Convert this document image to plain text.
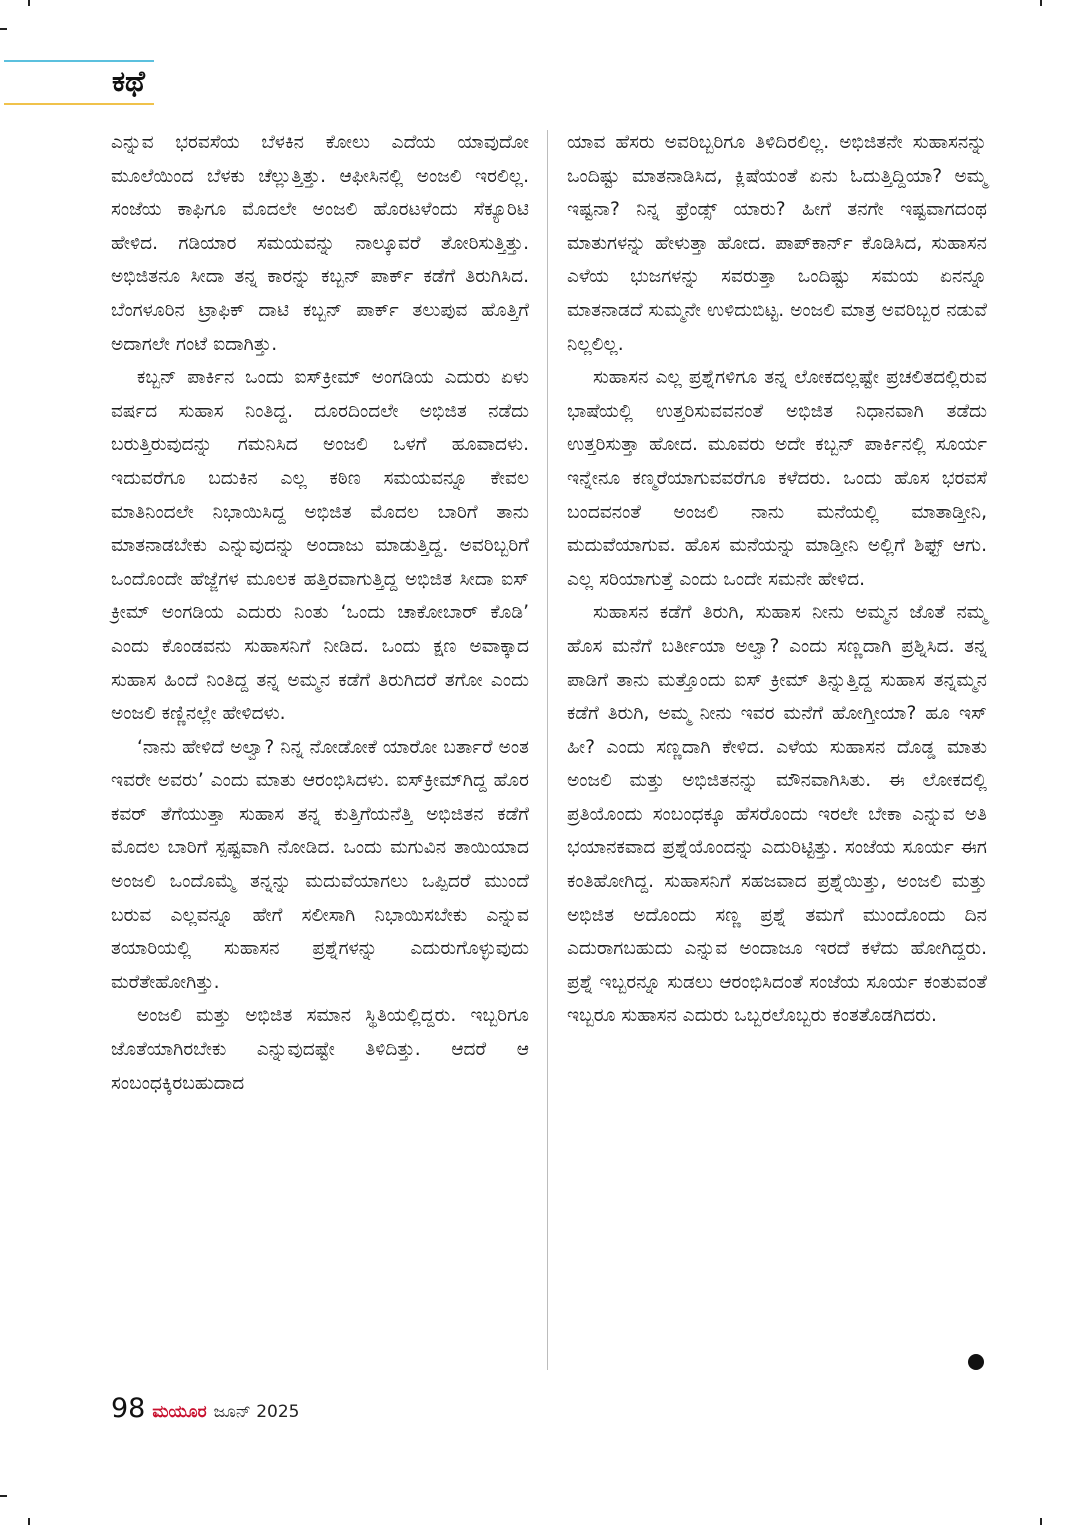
ಕಥೆ

ಎನ್ನುವ ಭರವಸೆಯ ಬೆಳಕಿನ ಕೋಲು ಎದೆಯ ಯಾವುದೋ ಮೂಲೆಯಿಂದ ಬೆಳಕು ಚೆಲ್ಲುತ್ತಿತ್ತು. ಆಫೀಸಿನಲ್ಲಿ ಅಂಜಲಿ ಇರಲಿಲ್ಲ. ಸಂಜೆಯ ಕಾಫಿಗೂ ಮೊದಲೇ ಅಂಜಲಿ ಹೊರಟಳೆಂದು ಸೆಕ್ಯೂರಿಟಿ ಹೇಳಿದ. ಗಡಿಯಾರ ಸಮಯವನ್ನು ನಾಲ್ಕೂವರೆ ತೋರಿಸುತ್ತಿತ್ತು. ಅಭಿಜಿತನೂ ಸೀದಾ ತನ್ನ ಕಾರನ್ನು ಕಬ್ಬನ್ ಪಾರ್ಕ್ ಕಡೆಗೆ ತಿರುಗಿಸಿದ. ಬೆಂಗಳೂರಿನ ಟ್ರಾಫಿಕ್ ದಾಟಿ ಕಬ್ಬನ್ ಪಾರ್ಕ್ ತಲುಪುವ ಹೊತ್ತಿಗೆ ಅದಾಗಲೇ ಗಂಟೆ ಐದಾಗಿತ್ತು.

ಕಬ್ಬನ್ ಪಾರ್ಕಿನ ಒಂದು ಐಸ್‌ಕ್ರೀಮ್ ಅಂಗಡಿಯ ಎದುರು ಏಳು ವರ್ಷದ ಸುಹಾಸ ನಿಂತಿದ್ದ. ದೂರದಿಂದಲೇ ಅಭಿಜಿತ ನಡೆದು ಬರುತ್ತಿರುವುದನ್ನು ಗಮನಿಸಿದ ಅಂಜಲಿ ಒಳಗೆ ಹೂವಾದಳು. ಇದುವರೆಗೂ ಬದುಕಿನ ಎಲ್ಲ ಕಠಿಣ ಸಮಯವನ್ನೂ ಕೇವಲ ಮಾತಿನಿಂದಲೇ ನಿಭಾಯಿಸಿದ್ದ ಅಭಿಜಿತ ಮೊದಲ ಬಾರಿಗೆ ತಾನು ಮಾತನಾಡಬೇಕು ಎನ್ನುವುದನ್ನು ಅಂದಾಜು ಮಾಡುತ್ತಿದ್ದ. ಅವರಿಬ್ಬರಿಗೆ ಒಂದೊಂದೇ ಹೆಜ್ಜೆಗಳ ಮೂಲಕ ಹತ್ತಿರವಾಗುತ್ತಿದ್ದ ಅಭಿಜಿತ ಸೀದಾ ಐಸ್ ಕ್ರೀಮ್ ಅಂಗಡಿಯ ಎದುರು ನಿಂತು ‘ಒಂದು ಚಾಕೋಬಾರ್ ಕೊಡಿ’ ಎಂದು ಕೊಂಡವನು ಸುಹಾಸನಿಗೆ ನೀಡಿದ. ಒಂದು ಕ್ಷಣ ಅವಾಕ್ಕಾದ ಸುಹಾಸ ಹಿಂದೆ ನಿಂತಿದ್ದ ತನ್ನ ಅಮ್ಮನ ಕಡೆಗೆ ತಿರುಗಿದರೆ ತಗೋ ಎಂದು ಅಂಜಲಿ ಕಣ್ಣಿನಲ್ಲೇ ಹೇಳಿದಳು.

‘ನಾನು ಹೇಳಿದೆ ಅಲ್ವಾ? ನಿನ್ನ ನೋಡೋಕೆ ಯಾರೋ ಬರ್ತಾರೆ ಅಂತ ಇವರೇ ಅವರು’ ಎಂದು ಮಾತು ಆರಂಭಿಸಿದಳು. ಐಸ್‌ಕ್ರೀಮ್‌ಗಿದ್ದ ಹೊರ ಕವರ್ ತೆಗೆಯುತ್ತಾ ಸುಹಾಸ ತನ್ನ ಕುತ್ತಿಗೆಯನೆತ್ತಿ ಅಭಿಜಿತನ ಕಡೆಗೆ ಮೊದಲ ಬಾರಿಗೆ ಸ್ಪಷ್ಟವಾಗಿ ನೋಡಿದ. ಒಂದು ಮಗುವಿನ ತಾಯಿಯಾದ ಅಂಜಲಿ ಒಂದೊಮ್ಮೆ ತನ್ನನ್ನು ಮದುವೆಯಾಗಲು ಒಪ್ಪಿದರೆ ಮುಂದೆ ಬರುವ ಎಲ್ಲವನ್ನೂ ಹೇಗೆ ಸಲೀಸಾಗಿ ನಿಭಾಯಿಸಬೇಕು ಎನ್ನುವ ತಯಾರಿಯಲ್ಲಿ ಸುಹಾಸನ ಪ್ರಶ್ನೆಗಳನ್ನು ಎದುರುಗೊಳ್ಳುವುದು ಮರೆತೇಹೋಗಿತ್ತು.

ಅಂಜಲಿ ಮತ್ತು ಅಭಿಜಿತ ಸಮಾನ ಸ್ಥಿತಿಯಲ್ಲಿದ್ದರು. ಇಬ್ಬರಿಗೂ ಜೊತೆಯಾಗಿರಬೇಕು ಎನ್ನುವುದಷ್ಟೇ ತಿಳಿದಿತ್ತು. ಆದರೆ ಆ ಸಂಬಂಧಕ್ಕಿರಬಹುದಾದ

ಯಾವ ಹೆಸರು ಅವರಿಬ್ಬರಿಗೂ ತಿಳಿದಿರಲಿಲ್ಲ. ಅಭಿಜಿತನೇ ಸುಹಾಸನನ್ನು ಒಂದಿಷ್ಟು ಮಾತನಾಡಿಸಿದ, ಕ್ಲಿಷೆಯಂತೆ ಏನು ಓದುತ್ತಿದ್ದಿಯಾ? ಅಮ್ಮ ಇಷ್ಟನಾ? ನಿನ್ನ ಫ್ರೆಂಡ್ಸ್ ಯಾರು? ಹೀಗೆ ತನಗೇ ಇಷ್ಟವಾಗದಂಥ ಮಾತುಗಳನ್ನು ಹೇಳುತ್ತಾ ಹೋದ. ಪಾಪ್‌ಕಾರ್ನ್ ಕೊಡಿಸಿದ, ಸುಹಾಸನ ಎಳೆಯ ಭುಜಗಳನ್ನು ಸವರುತ್ತಾ ಒಂದಿಷ್ಟು ಸಮಯ ಏನನ್ನೂ ಮಾತನಾಡದೆ ಸುಮ್ಮನೇ ಉಳಿದುಬಿಟ್ಟ. ಅಂಜಲಿ ಮಾತ್ರ ಅವರಿಬ್ಬರ ನಡುವೆ ನಿಲ್ಲಲಿಲ್ಲ.

ಸುಹಾಸನ ಎಲ್ಲ ಪ್ರಶ್ನೆಗಳಿಗೂ ತನ್ನ ಲೋಕದಲ್ಲಷ್ಟೇ ಪ್ರಚಲಿತದಲ್ಲಿರುವ ಭಾಷೆಯಲ್ಲಿ ಉತ್ತರಿಸುವವನಂತೆ ಅಭಿಜಿತ ನಿಧಾನವಾಗಿ ತಡೆದು ಉತ್ತರಿಸುತ್ತಾ ಹೋದ. ಮೂವರು ಅದೇ ಕಬ್ಬನ್ ಪಾರ್ಕಿನಲ್ಲಿ ಸೂರ್ಯ ಇನ್ನೇನೂ ಕಣ್ಮರೆಯಾಗುವವರೆಗೂ ಕಳೆದರು. ಒಂದು ಹೊಸ ಭರವಸೆ ಬಂದವನಂತೆ ಅಂಜಲಿ ನಾನು ಮನೆಯಲ್ಲಿ ಮಾತಾಡ್ತೀನಿ, ಮದುವೆಯಾಗುವ. ಹೊಸ ಮನೆಯನ್ನು ಮಾಡ್ತೀನಿ ಅಲ್ಲಿಗೆ ಶಿಫ್ಟ್ ಆಗು. ಎಲ್ಲ ಸರಿಯಾಗುತ್ತೆ ಎಂದು ಒಂದೇ ಸಮನೇ ಹೇಳಿದ.

ಸುಹಾಸನ ಕಡೆಗೆ ತಿರುಗಿ, ಸುಹಾಸ ನೀನು ಅಮ್ಮನ ಜೊತೆ ನಮ್ಮ ಹೊಸ ಮನೆಗೆ ಬರ್ತೀಯಾ ಅಲ್ವಾ? ಎಂದು ಸಣ್ಣದಾಗಿ ಪ್ರಶ್ನಿಸಿದ. ತನ್ನ ಪಾಡಿಗೆ ತಾನು ಮತ್ತೊಂದು ಐಸ್ ಕ್ರೀಮ್ ತಿನ್ನುತ್ತಿದ್ದ ಸುಹಾಸ ತನ್ನಮ್ಮನ ಕಡೆಗೆ ತಿರುಗಿ, ಅಮ್ಮ ನೀನು ಇವರ ಮನೆಗೆ ಹೋಗ್ತೀಯಾ? ಹೂ ಇಸ್ ಹೀ? ಎಂದು ಸಣ್ಣದಾಗಿ ಕೇಳಿದ. ಎಳೆಯ ಸುಹಾಸನ ದೊಡ್ಡ ಮಾತು ಅಂಜಲಿ ಮತ್ತು ಅಭಿಜಿತನನ್ನು ಮೌನವಾಗಿಸಿತು. ಈ ಲೋಕದಲ್ಲಿ ಪ್ರತಿಯೊಂದು ಸಂಬಂಧಕ್ಕೂ ಹೆಸರೊಂದು ಇರಲೇ ಬೇಕಾ ಎನ್ನುವ ಅತಿ ಭಯಾನಕವಾದ ಪ್ರಶ್ನೆಯೊಂದನ್ನು ಎದುರಿಟ್ಟಿತ್ತು. ಸಂಜೆಯ ಸೂರ್ಯ ಈಗ ಕಂತಿಹೋಗಿದ್ದ. ಸುಹಾಸನಿಗೆ ಸಹಜವಾದ ಪ್ರಶ್ನೆಯಿತ್ತು, ಅಂಜಲಿ ಮತ್ತು ಅಭಿಜಿತ ಅದೊಂದು ಸಣ್ಣ ಪ್ರಶ್ನೆ ತಮಗೆ ಮುಂದೊಂದು ದಿನ ಎದುರಾಗಬಹುದು ಎನ್ನುವ ಅಂದಾಜೂ ಇರದೆ ಕಳೆದು ಹೋಗಿದ್ದರು. ಪ್ರಶ್ನೆ ಇಬ್ಬರನ್ನೂ ಸುಡಲು ಆರಂಭಿಸಿದಂತೆ ಸಂಜೆಯ ಸೂರ್ಯ ಕಂತುವಂತೆ ಇಬ್ಬರೂ ಸುಹಾಸನ ಎದುರು ಒಬ್ಬರಲೊಬ್ಬರು ಕಂತತೊಡಗಿದರು.

98 ಮಯೂರ ಜೂನ್ 2025
